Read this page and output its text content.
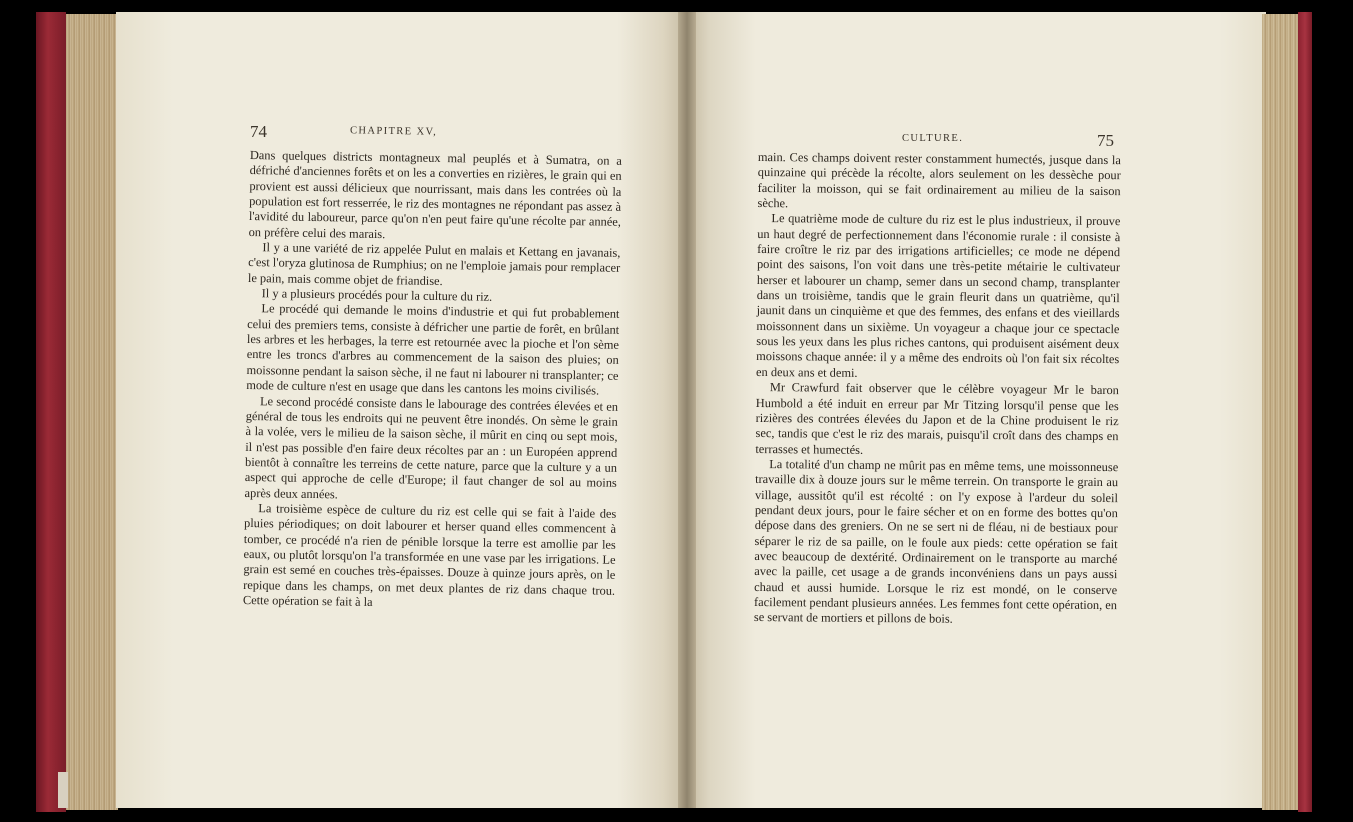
74	CHAPITRE XV,

Dans quelques districts montagneux mal peuplés et à Sumatra, on a défriché d'anciennes forêts et on les a converties en rizières, le grain qui en provient est aussi délicieux que nourrissant, mais dans les contrées où la population est fort resserrée, le riz des montagnes ne répondant pas assez à l'avidité du laboureur, parce qu'on n'en peut faire qu'une récolte par année, on préfère celui des marais.

Il y a une variété de riz appelée Pulut en malais et Kettang en javanais, c'est l'oryza glutinosa de Rumphius; on ne l'emploie jamais pour remplacer le pain, mais comme objet de friandise.

Il y a plusieurs procédés pour la culture du riz.

Le procédé qui demande le moins d'industrie et qui fut probablement celui des premiers tems, consiste à défricher une partie de forêt, en brûlant les arbres et les herbages, la terre est retournée avec la pioche et l'on sème entre les troncs d'arbres au commencement de la saison des pluies; on moissonne pendant la saison sèche, il ne faut ni labourer ni transplanter; ce mode de culture n'est en usage que dans les cantons les moins civilisés.

Le second procédé consiste dans le labourage des contrées élevées et en général de tous les endroits qui ne peuvent être inondés. On sème le grain à la volée, vers le milieu de la saison sèche, il mûrit en cinq ou sept mois, il n'est pas possible d'en faire deux récoltes par an : un Européen apprend bientôt à connaître les terreins de cette nature, parce que la culture y a un aspect qui approche de celle d'Europe; il faut changer de sol au moins après deux années.

La troisième espèce de culture du riz est celle qui se fait à l'aide des pluies périodiques; on doit labourer et herser quand elles commencent à tomber, ce procédé n'a rien de pénible lorsque la terre est amollie par les eaux, ou plutôt lorsqu'on l'a transformée en une vase par les irrigations. Le grain est semé en couches très-épaisses. Douze à quinze jours après, on le repique dans les champs, on met deux plantes de riz dans chaque trou. Cette opération se fait à la

CULTURE.	75

main. Ces champs doivent rester constamment humectés, jusque dans la quinzaine qui précède la récolte, alors seulement on les dessèche pour faciliter la moisson, qui se fait ordinairement au milieu de la saison sèche.

Le quatrième mode de culture du riz est le plus industrieux, il prouve un haut degré de perfectionnement dans l'économie rurale : il consiste à faire croître le riz par des irrigations artificielles; ce mode ne dépend point des saisons, l'on voit dans une très-petite métairie le cultivateur herser et labourer un champ, semer dans un second champ, transplanter dans un troisième, tandis que le grain fleurit dans un quatrième, qu'il jaunit dans un cinquième et que des femmes, des enfans et des vieillards moissonnent dans un sixième. Un voyageur a chaque jour ce spectacle sous les yeux dans les plus riches cantons, qui produisent aisément deux moissons chaque année: il y a même des endroits où l'on fait six récoltes en deux ans et demi.

Mr Crawfurd fait observer que le célèbre voyageur Mr le baron Humbold a été induit en erreur par Mr Titzing lorsqu'il pense que les rizières des contrées élevées du Japon et de la Chine produisent le riz sec, tandis que c'est le riz des marais, puisqu'il croît dans des champs en terrasses et humectés.

La totalité d'un champ ne mûrit pas en même tems, une moissonneuse travaille dix à douze jours sur le même terrein. On transporte le grain au village, aussitôt qu'il est récolté : on l'y expose à l'ardeur du soleil pendant deux jours, pour le faire sécher et on en forme des bottes qu'on dépose dans des greniers. On ne se sert ni de fléau, ni de bestiaux pour séparer le riz de sa paille, on le foule aux pieds: cette opération se fait avec beaucoup de dextérité. Ordinairement on le transporte au marché avec la paille, cet usage a de grands inconvéniens dans un pays aussi chaud et aussi humide. Lorsque le riz est mondé, on le conserve facilement pendant plusieurs années. Les femmes font cette opération, en se servant de mortiers et pillons de bois.
